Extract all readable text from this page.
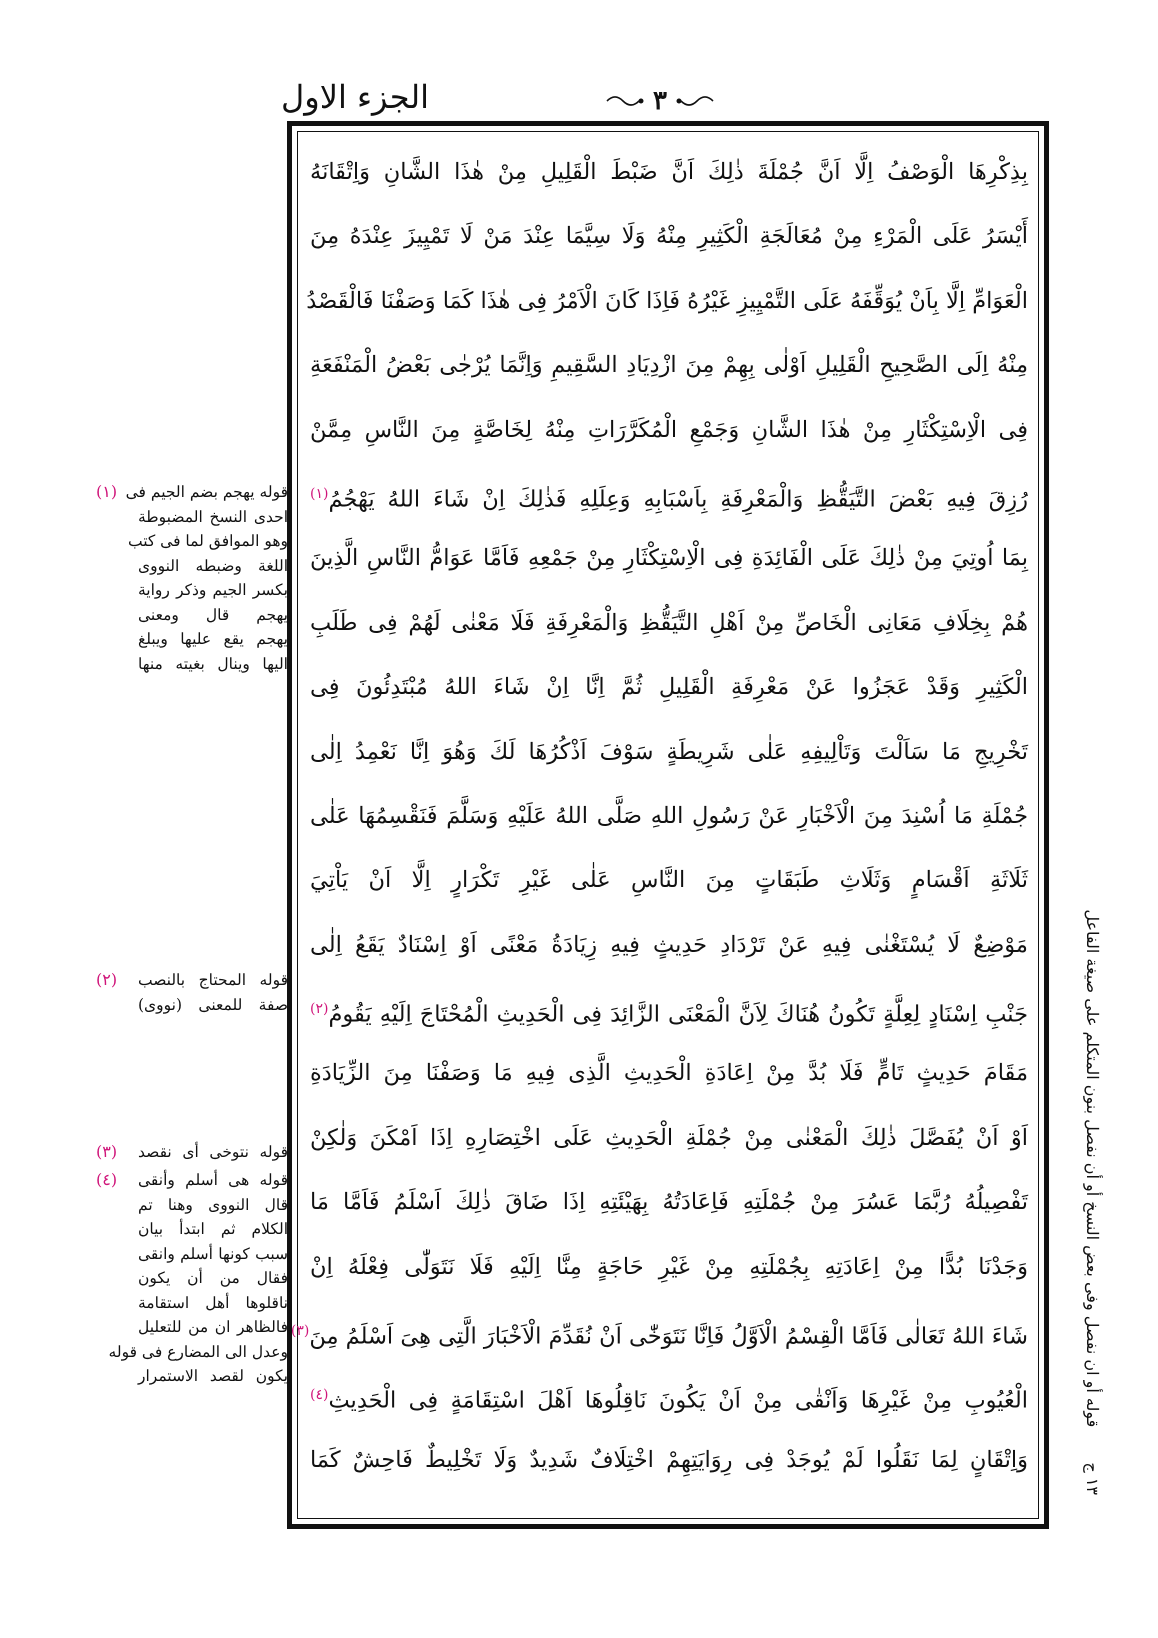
الجزء الاول	٣
بِذِكْرِهَا الْوَصْفُ اِلَّا اَنَّ جُمْلَةَ ذٰلِكَ اَنَّ ضَبْطَ الْقَلِيلِ مِنْ هٰذَا الشَّانِ وَاِتْقَانَهُ
أَيْسَرُ عَلَى الْمَرْءِ مِنْ مُعَالَجَةِ الْكَثِيرِ مِنْهُ وَلَا سِيَّمَا عِنْدَ مَنْ لَا تَمْيِيزَ عِنْدَهُ مِنَ
الْعَوَامِّ اِلَّا بِاَنْ يُوَقِّفَهُ عَلَى التَّمْيِيزِ غَيْرُهُ فَاِذَا كَانَ الْاَمْرُ فِى هٰذَا كَمَا وَصَفْنَا فَالْقَصْدُ
مِنْهُ اِلَى الصَّحِيحِ الْقَلِيلِ اَوْلٰى بِهِمْ مِنَ ازْدِيَادِ السَّقِيمِ وَاِنَّمَا يُرْجٰى بَعْضُ الْمَنْفَعَةِ
فِى الْاِسْتِكْثَارِ مِنْ هٰذَا الشَّانِ وَجَمْعِ الْمُكَرَّرَاتِ مِنْهُ لِخَاصَّةٍ مِنَ النَّاسِ مِمَّنْ
رُزِقَ فِيهِ بَعْضَ التَّيَقُّظِ وَالْمَعْرِفَةِ بِاَسْبَابِهِ وَعِلَلِهِ فَذٰلِكَ اِنْ شَاءَ اللهُ يَهْجُمُ$^{(١)}$
بِمَا اُوتِيَ مِنْ ذٰلِكَ عَلَى الْفَائِدَةِ فِى الْاِسْتِكْثَارِ مِنْ جَمْعِهِ فَاَمَّا عَوَامُّ النَّاسِ الَّذِينَ
هُمْ بِخِلَافِ مَعَانِى الْخَاصِّ مِنْ اَهْلِ التَّيَقُّظِ وَالْمَعْرِفَةِ فَلَا مَعْنٰى لَهُمْ فِى طَلَبِ
الْكَثِيرِ وَقَدْ عَجَزُوا عَنْ مَعْرِفَةِ الْقَلِيلِ ثُمَّ اِنَّا اِنْ شَاءَ اللهُ مُبْتَدِئُونَ فِى
تَخْرِيجِ مَا سَاَلْتَ وَتَاْلِيفِهِ عَلٰى شَرِيطَةٍ سَوْفَ اَذْكُرُهَا لَكَ وَهُوَ اِنَّا نَعْمِدُ اِلٰى
جُمْلَةِ مَا اُسْنِدَ مِنَ الْاَخْبَارِ عَنْ رَسُولِ اللهِ صَلَّى اللهُ عَلَيْهِ وَسَلَّمَ فَنَقْسِمُهَا عَلٰى
ثَلَاثَةِ اَقْسَامٍ وَثَلَاثِ طَبَقَاتٍ مِنَ النَّاسِ عَلٰى غَيْرِ تَكْرَارٍ اِلَّا اَنْ يَاْتِيَ
مَوْضِعٌ لَا يُسْتَغْنٰى فِيهِ عَنْ تَرْدَادِ حَدِيثٍ فِيهِ زِيَادَةُ مَعْنًى اَوْ اِسْنَادٌ يَقَعُ اِلٰى
جَنْبِ اِسْنَادٍ لِعِلَّةٍ تَكُونُ هُنَاكَ لِاَنَّ الْمَعْنَى الزَّائِدَ فِى الْحَدِيثِ الْمُحْتَاجَ اِلَيْهِ يَقُومُ$^{(٢)}$
مَقَامَ حَدِيثٍ تَامٍّ فَلَا بُدَّ مِنْ اِعَادَةِ الْحَدِيثِ الَّذِى فِيهِ مَا وَصَفْنَا مِنَ الزِّيَادَةِ
اَوْ اَنْ يُفَصَّلَ ذٰلِكَ الْمَعْنٰى مِنْ جُمْلَةِ الْحَدِيثِ عَلَى اخْتِصَارِهِ اِذَا اَمْكَنَ وَلٰكِنْ
تَفْصِيلُهُ رُبَّمَا عَسُرَ مِنْ جُمْلَتِهِ فَاِعَادَتُهُ بِهَيْئَتِهِ اِذَا ضَاقَ ذٰلِكَ اَسْلَمُ فَاَمَّا مَا
وَجَدْنَا بُدًّا مِنْ اِعَادَتِهِ بِجُمْلَتِهِ مِنْ غَيْرِ حَاجَةٍ مِنَّا اِلَيْهِ فَلَا نَتَوَلّٰى فِعْلَهُ اِنْ
شَاءَ اللهُ تَعَالٰى فَاَمَّا الْقِسْمُ الْاَوَّلُ فَاِنَّا نَتَوَخّٰى اَنْ نُقَدِّمَ الْاَخْبَارَ الَّتِى هِىَ اَسْلَمُ مِنَ$^{(٣)}$
الْعُيُوبِ مِنْ غَيْرِهَا وَاَنْقٰى مِنْ اَنْ يَكُونَ نَاقِلُوهَا اَهْلَ اسْتِقَامَةٍ فِى الْحَدِيثِ$^{(٤)}$
وَاِتْقَانٍ لِمَا نَقَلُوا لَمْ يُوجَدْ فِى رِوَايَتِهِمْ اخْتِلَافٌ شَدِيدٌ وَلَا تَخْلِيطٌ فَاحِشٌ كَمَا
(١) قوله يهجم بضم الجيم فى
احدى النسخ المضبوطة
وهو الموافق لما فى كتب
اللغة وضبطه النووى
بكسر الجيم وذكر رواية
يهجم قال ومعنى
يهجم يقع عليها ويبلغ
اليها وينال بغيته منها
(٢)	قوله المحتاج بالنصب
صفة للمعنى (نووى)
(٣)	قوله نتوخى أى نقصد
(٤)	قوله هى أسلم وأنقى
قال النووى وهنا تم
الكلام ثم ابتدأ بيان
سبب كونها أسلم وانقى
فقال من أن يكون
ناقلوها أهل استقامة
فالظاهر ان من للتعليل
وعدل الى المضارع فى قوله
يكون لقصد الاستمرار
١٣ ج قوله أو ان نفصل وفى بعض النسخ أو أن نفصل بنون المتكلم على صيغة الفاعل
